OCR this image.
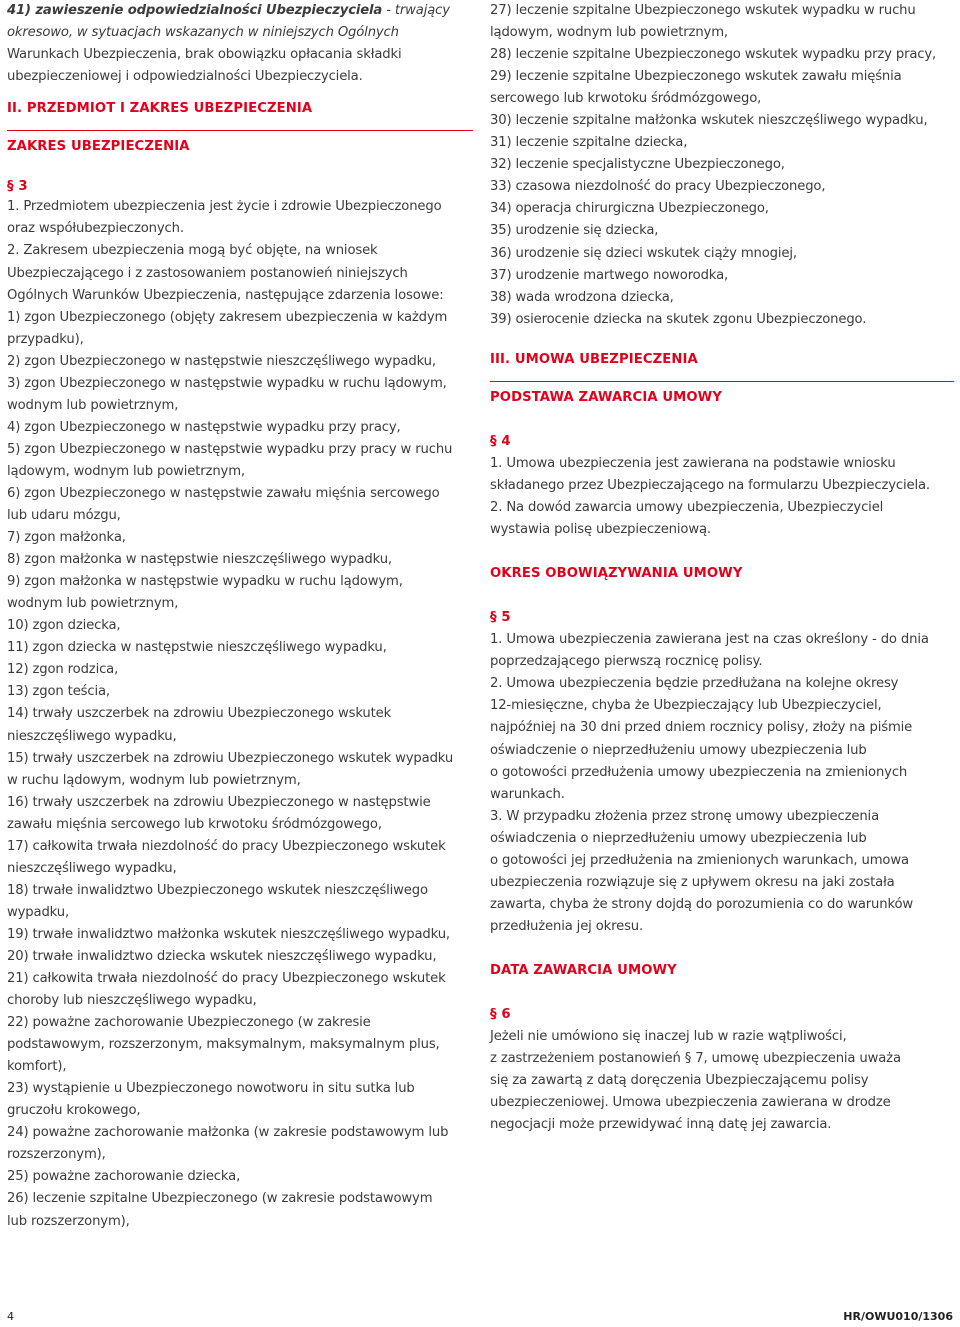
41) zawieszenie odpowiedzialności Ubezpieczyciela - trwający
okresowo, w sytuacjach wskazanych w niniejszych Ogólnych
Warunkach Ubezpieczenia, brak obowiązku opłacania składki
ubezpieczeniowej i odpowiedzialności Ubezpieczyciela.
II. PRZEDMIOT I ZAKRES UBEZPIECZENIA
ZAKRES UBEZPIECZENIA
§ 3
1. Przedmiotem ubezpieczenia jest życie i zdrowie Ubezpieczonego
oraz współubezpieczonych.
2. Zakresem ubezpieczenia mogą być objęte, na wniosek
Ubezpieczającego i z zastosowaniem postanowień niniejszych
Ogólnych Warunków Ubezpieczenia, następujące zdarzenia losowe:
1) zgon Ubezpieczonego (objęty zakresem ubezpieczenia w każdym
przypadku),
2) zgon Ubezpieczonego w następstwie nieszczęśliwego wypadku,
3) zgon Ubezpieczonego w następstwie wypadku w ruchu lądowym,
wodnym lub powietrznym,
4) zgon Ubezpieczonego w następstwie wypadku przy pracy,
5) zgon Ubezpieczonego w następstwie wypadku przy pracy w ruchu
lądowym, wodnym lub powietrznym,
6) zgon Ubezpieczonego w następstwie zawału mięśnia sercowego
lub udaru mózgu,
7) zgon małżonka,
8) zgon małżonka w następstwie nieszczęśliwego wypadku,
9) zgon małżonka w następstwie wypadku w ruchu lądowym,
wodnym lub powietrznym,
10) zgon dziecka,
11) zgon dziecka w następstwie nieszczęśliwego wypadku,
12) zgon rodzica,
13) zgon teścia,
14) trwały uszczerbek na zdrowiu Ubezpieczonego wskutek
nieszczęśliwego wypadku,
15) trwały uszczerbek na zdrowiu Ubezpieczonego wskutek wypadku
w ruchu lądowym, wodnym lub powietrznym,
16) trwały uszczerbek na zdrowiu Ubezpieczonego w następstwie
zawału mięśnia sercowego lub krwotoku śródmózgowego,
17) całkowita trwała niezdolność do pracy Ubezpieczonego wskutek
nieszczęśliwego wypadku,
18) trwałe inwalidztwo Ubezpieczonego wskutek nieszczęśliwego
wypadku,
19) trwałe inwalidztwo małżonka wskutek nieszczęśliwego wypadku,
20) trwałe inwalidztwo dziecka wskutek nieszczęśliwego wypadku,
21) całkowita trwała niezdolność do pracy Ubezpieczonego wskutek
choroby lub nieszczęśliwego wypadku,
22) poważne zachorowanie Ubezpieczonego (w zakresie
podstawowym, rozszerzonym, maksymalnym, maksymalnym plus,
komfort),
23) wystąpienie u Ubezpieczonego nowotworu in situ sutka lub
gruczołu krokowego,
24) poważne zachorowanie małżonka (w zakresie podstawowym lub
rozszerzonym),
25) poważne zachorowanie dziecka,
26) leczenie szpitalne Ubezpieczonego (w zakresie podstawowym
lub rozszerzonym),
27) leczenie szpitalne Ubezpieczonego wskutek wypadku w ruchu
lądowym, wodnym lub powietrznym,
28) leczenie szpitalne Ubezpieczonego wskutek wypadku przy pracy,
29) leczenie szpitalne Ubezpieczonego wskutek zawału mięśnia
sercowego lub krwotoku śródmózgowego,
30) leczenie szpitalne małżonka wskutek nieszczęśliwego wypadku,
31) leczenie szpitalne dziecka,
32) leczenie specjalistyczne Ubezpieczonego,
33) czasowa niezdolność do pracy Ubezpieczonego,
34) operacja chirurgiczna Ubezpieczonego,
35) urodzenie się dziecka,
36) urodzenie się dzieci wskutek ciąży mnogiej,
37) urodzenie martwego noworodka,
38) wada wrodzona dziecka,
39) osierocenie dziecka na skutek zgonu Ubezpieczonego.
III. UMOWA UBEZPIECZENIA
PODSTAWA ZAWARCIA UMOWY
§ 4
1. Umowa ubezpieczenia jest zawierana na podstawie wniosku
składanego przez Ubezpieczającego na formularzu Ubezpieczyciela.
2. Na dowód zawarcia umowy ubezpieczenia, Ubezpieczyciel
wystawia polisę ubezpieczeniową.
OKRES OBOWIĄZYWANIA UMOWY
§ 5
1. Umowa ubezpieczenia zawierana jest na czas określony - do dnia
poprzedzającego pierwszą rocznicę polisy.
2. Umowa ubezpieczenia będzie przedłużana na kolejne okresy
12-miesięczne, chyba że Ubezpieczający lub Ubezpieczyciel,
najpóźniej na 30 dni przed dniem rocznicy polisy, złoży na piśmie
oświadczenie o nieprzedłużeniu umowy ubezpieczenia lub
o gotowości przedłużenia umowy ubezpieczenia na zmienionych
warunkach.
3. W przypadku złożenia przez stronę umowy ubezpieczenia
oświadczenia o nieprzedłużeniu umowy ubezpieczenia lub
o gotowości jej przedłużenia na zmienionych warunkach, umowa
ubezpieczenia rozwiązuje się z upływem okresu na jaki została
zawarta, chyba że strony dojdą do porozumienia co do warunków
przedłużenia jej okresu.
DATA ZAWARCIA UMOWY
§ 6
Jeżeli nie umówiono się inaczej lub w razie wątpliwości,
z zastrzeżeniem postanowień § 7, umowę ubezpieczenia uważa
się za zawartą z datą doręczenia Ubezpieczającemu polisy
ubezpieczeniowej. Umowa ubezpieczenia zawierana w drodze
negocjacji może przewidywać inną datę jej zawarcia.
4	HR/OWU010/1306
